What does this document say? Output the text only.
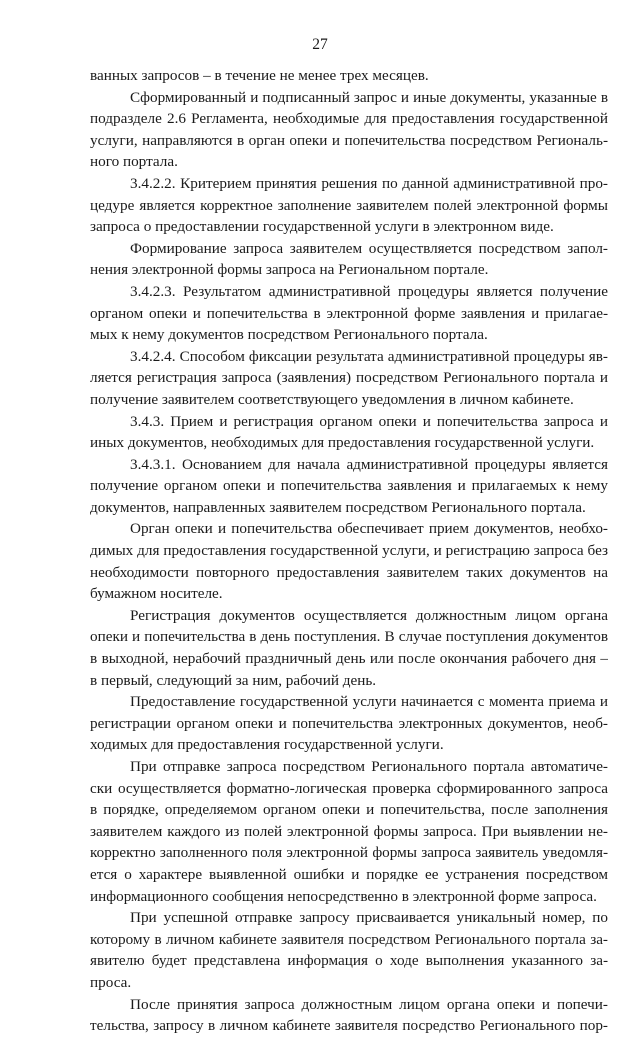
27
ванных запросов – в течение не менее трех месяцев.
Сформированный и подписанный запрос и иные документы, указанные в
подразделе 2.6 Регламента, необходимые для предоставления государственной
услуги, направляются в орган опеки и попечительства посредством Региональ-
ного портала.
3.4.2.2. Критерием принятия решения по данной административной про-
цедуре является корректное заполнение заявителем полей электронной формы
запроса о предоставлении государственной услуги в электронном виде.
Формирование запроса заявителем осуществляется посредством запол-
нения электронной формы запроса на Региональном портале.
3.4.2.3. Результатом административной процедуры является получение
органом опеки и попечительства в электронной форме заявления и прилагае-
мых к нему документов посредством Регионального портала.
3.4.2.4. Способом фиксации результата административной процедуры яв-
ляется регистрация запроса (заявления) посредством Регионального портала и
получение заявителем соответствующего уведомления в личном кабинете.
3.4.3. Прием и регистрация органом опеки и попечительства запроса и
иных документов, необходимых для предоставления государственной услуги.
3.4.3.1. Основанием для начала административной процедуры является
получение органом опеки и попечительства заявления и прилагаемых к нему
документов, направленных заявителем посредством Регионального портала.
Орган опеки и попечительства обеспечивает прием документов, необхо-
димых для предоставления государственной услуги, и регистрацию запроса без
необходимости повторного предоставления заявителем таких документов на
бумажном носителе.
Регистрация документов осуществляется должностным лицом органа
опеки и попечительства в день поступления. В случае поступления документов
в выходной, нерабочий праздничный день или после окончания рабочего дня –
в первый, следующий за ним, рабочий день.
Предоставление государственной услуги начинается с момента приема и
регистрации органом опеки и попечительства электронных документов, необ-
ходимых для предоставления государственной услуги.
При отправке запроса посредством Регионального портала автоматиче-
ски осуществляется форматно-логическая проверка сформированного запроса
в порядке, определяемом органом опеки и попечительства, после заполнения
заявителем каждого из полей электронной формы запроса. При выявлении не-
корректно заполненного поля электронной формы запроса заявитель уведомля-
ется о характере выявленной ошибки и порядке ее устранения посредством
информационного сообщения непосредственно в электронной форме запроса.
При успешной отправке запросу присваивается уникальный номер, по
которому в личном кабинете заявителя посредством Регионального портала за-
явителю будет представлена информация о ходе выполнения указанного за-
проса.
После принятия запроса должностным лицом органа опеки и попечи-
тельства, запросу в личном кабинете заявителя посредство Регионального пор-
